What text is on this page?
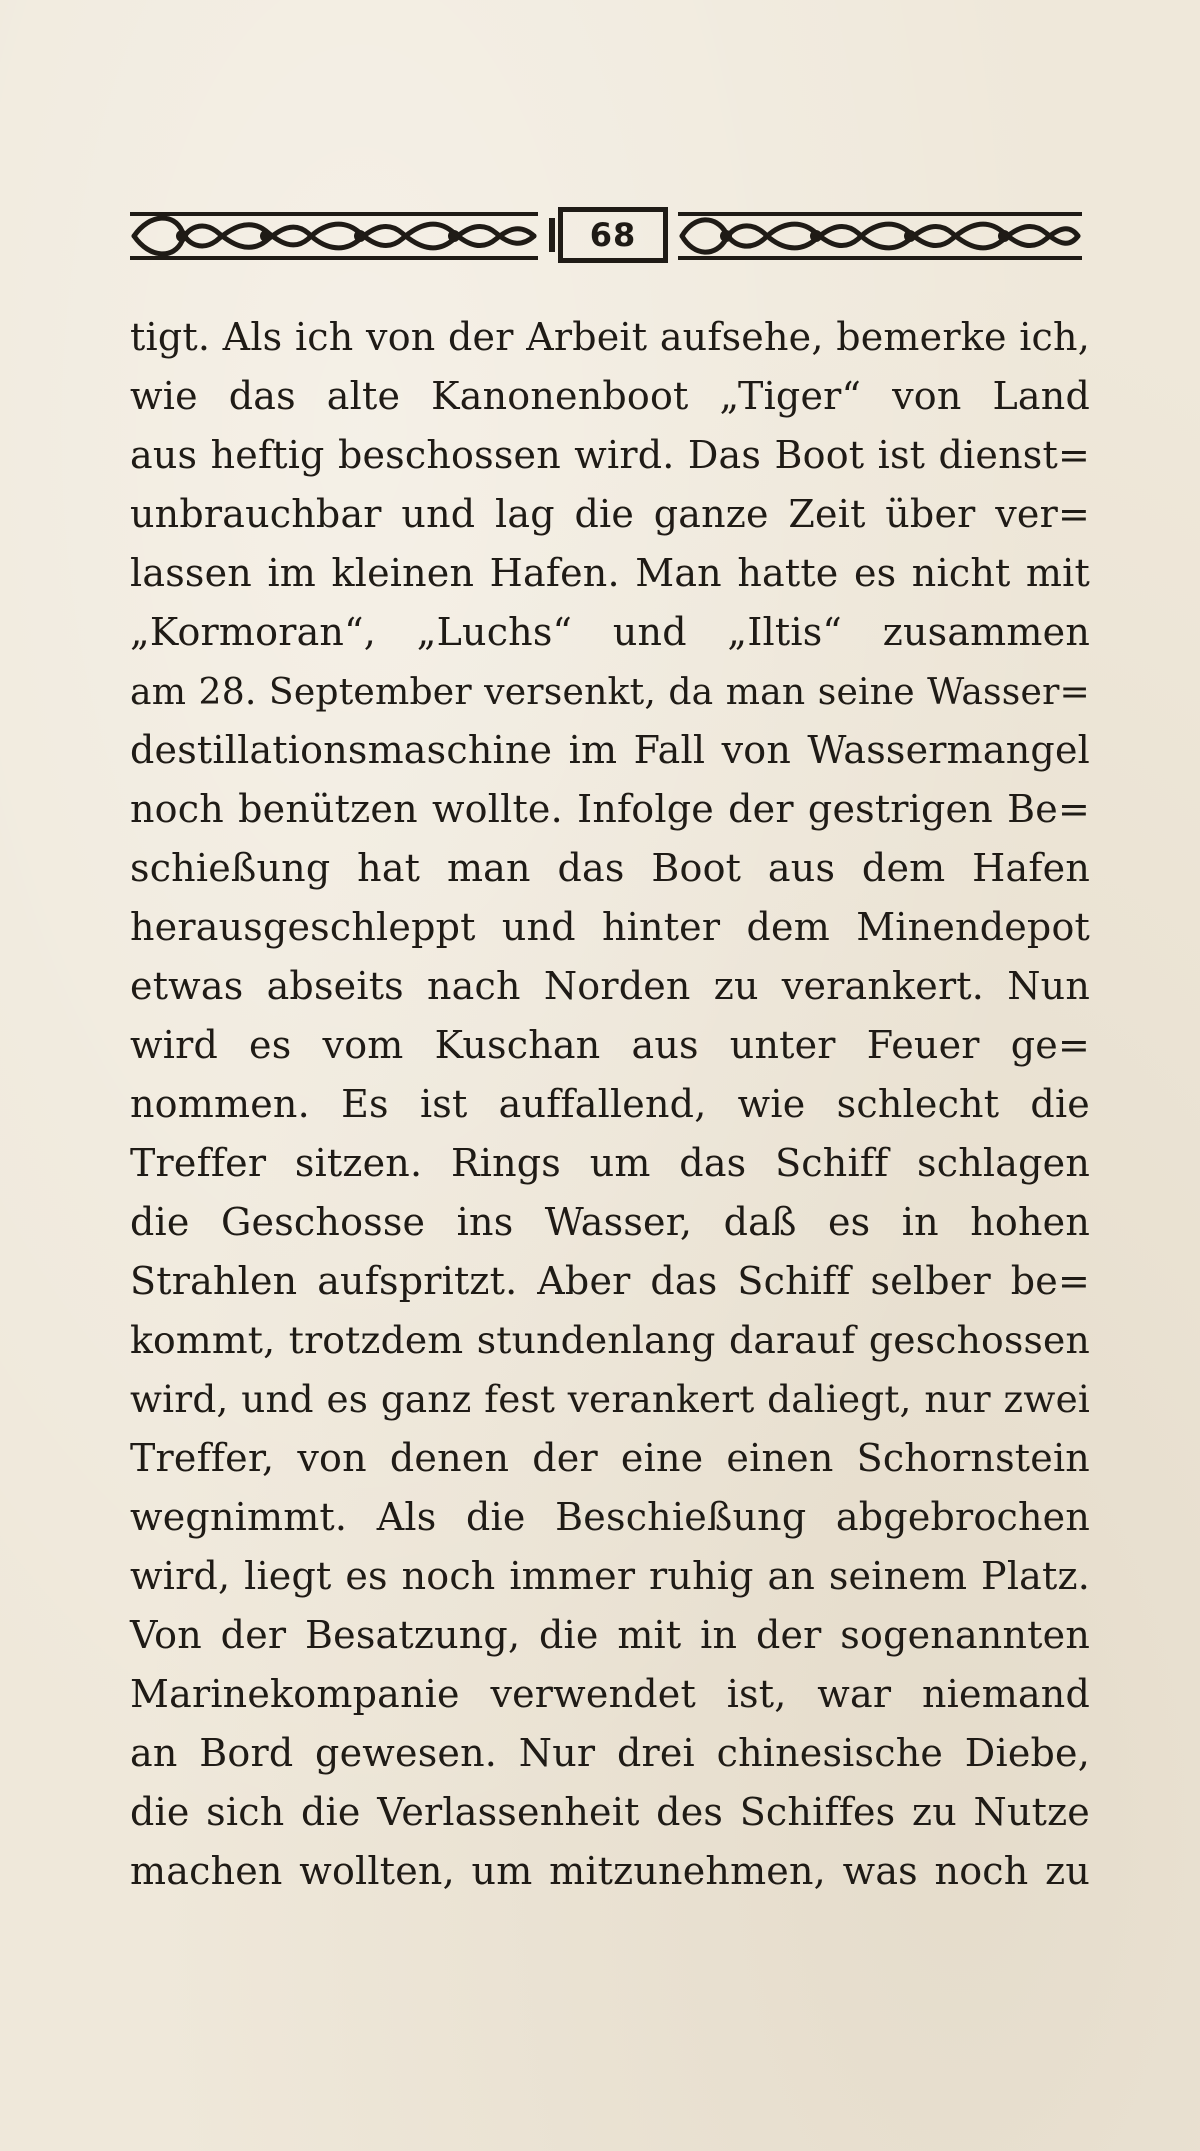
68
tigt. Als ich von der Arbeit aufsehe, bemerke ich,
wie das alte Kanonenboot „Tiger“ von Land
aus heftig beschossen wird. Das Boot ist dienst=
unbrauchbar und lag die ganze Zeit über ver=
lassen im kleinen Hafen. Man hatte es nicht mit
„Kormoran“, „Luchs“ und „Iltis“ zusammen
am 28. September versenkt, da man seine Wasser=
destillationsmaschine im Fall von Wassermangel
noch benützen wollte. Infolge der gestrigen Be=
schießung hat man das Boot aus dem Hafen
herausgeschleppt und hinter dem Minendepot
etwas abseits nach Norden zu verankert. Nun
wird es vom Kuschan aus unter Feuer ge=
nommen. Es ist auffallend, wie schlecht die
Treffer sitzen. Rings um das Schiff schlagen
die Geschosse ins Wasser, daß es in hohen
Strahlen aufspritzt. Aber das Schiff selber be=
kommt, trotzdem stundenlang darauf geschossen
wird, und es ganz fest verankert daliegt, nur zwei
Treffer, von denen der eine einen Schornstein
wegnimmt. Als die Beschießung abgebrochen
wird, liegt es noch immer ruhig an seinem Platz.
Von der Besatzung, die mit in der sogenannten
Marinekompanie verwendet ist, war niemand
an Bord gewesen. Nur drei chinesische Diebe,
die sich die Verlassenheit des Schiffes zu Nutze
machen wollten, um mitzunehmen, was noch zu
